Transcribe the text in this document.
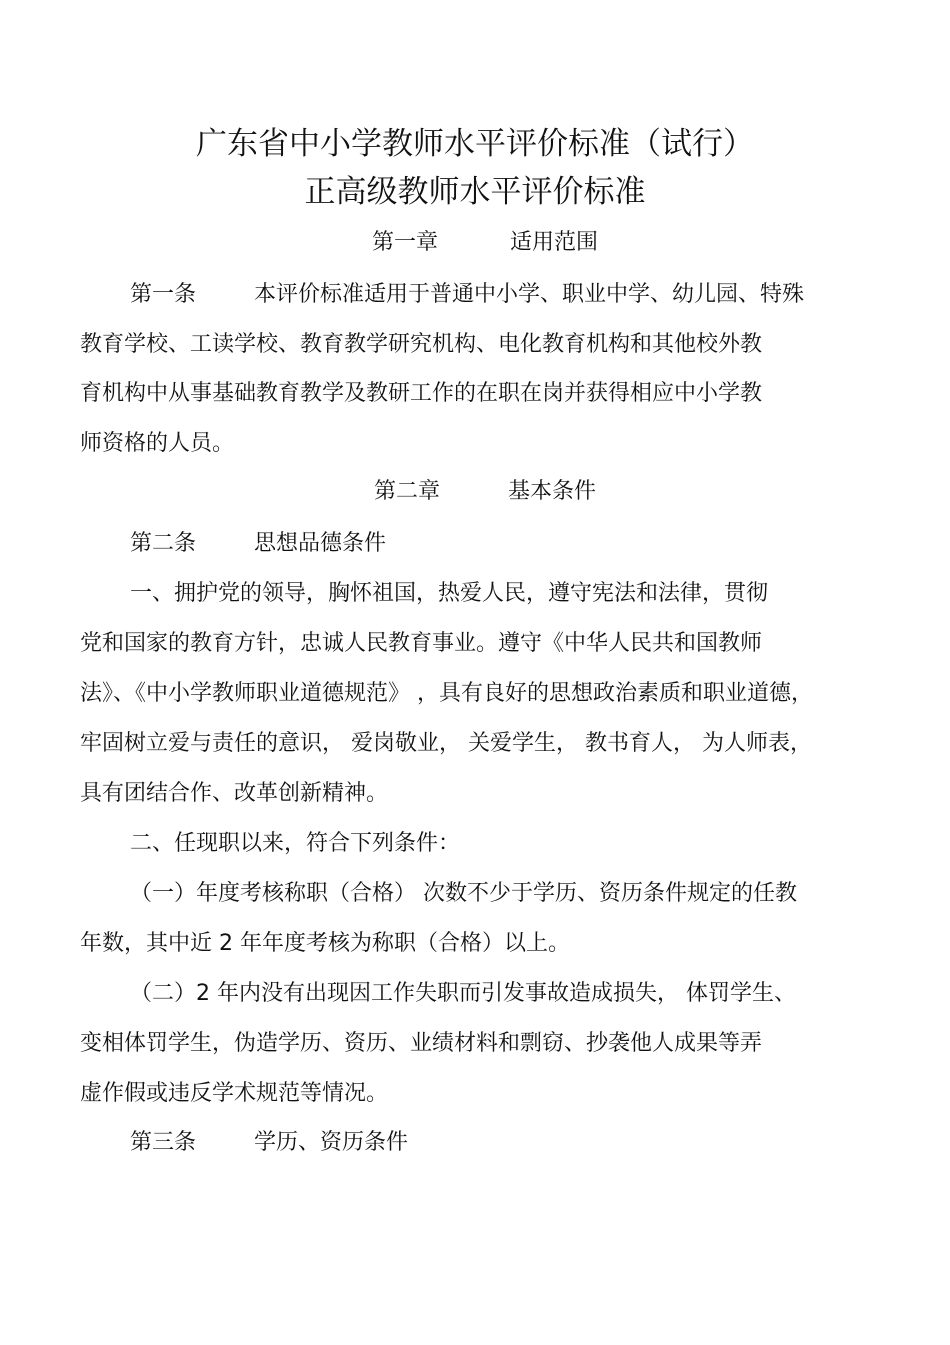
广东省中小学教师水平评价标准（试行）
正高级教师水平评价标准
第一章	适用范围
第一条	本评价标准适用于普通中小学、职业中学、幼儿园、特殊
教育学校、工读学校、教育教学研究机构、电化教育机构和其他校外教
育机构中从事基础教育教学及教研工作的在职在岗并获得相应中小学教
师资格的人员。
第二章	基本条件
第二条	思想品德条件
一、拥护党的领导，胸怀祖国，热爱人民，遵守宪法和法律，贯彻
党和国家的教育方针，忠诚人民教育事业。遵守《中华人民共和国教师
法》、《中小学教师职业道德规范》 ，具有良好的思想政治素质和职业道德，
牢固树立爱与责任的意识， 爱岗敬业， 关爱学生， 教书育人， 为人师表，
具有团结合作、改革创新精神。
二、任现职以来，符合下列条件：
（一）年度考核称职（合格） 次数不少于学历、资历条件规定的任教
年数，其中近 2 年年度考核为称职（合格）以上。
（二）2 年内没有出现因工作失职而引发事故造成损失， 体罚学生、
变相体罚学生，伪造学历、资历、业绩材料和剽窃、抄袭他人成果等弄
虚作假或违反学术规范等情况。
第三条	学历、资历条件
